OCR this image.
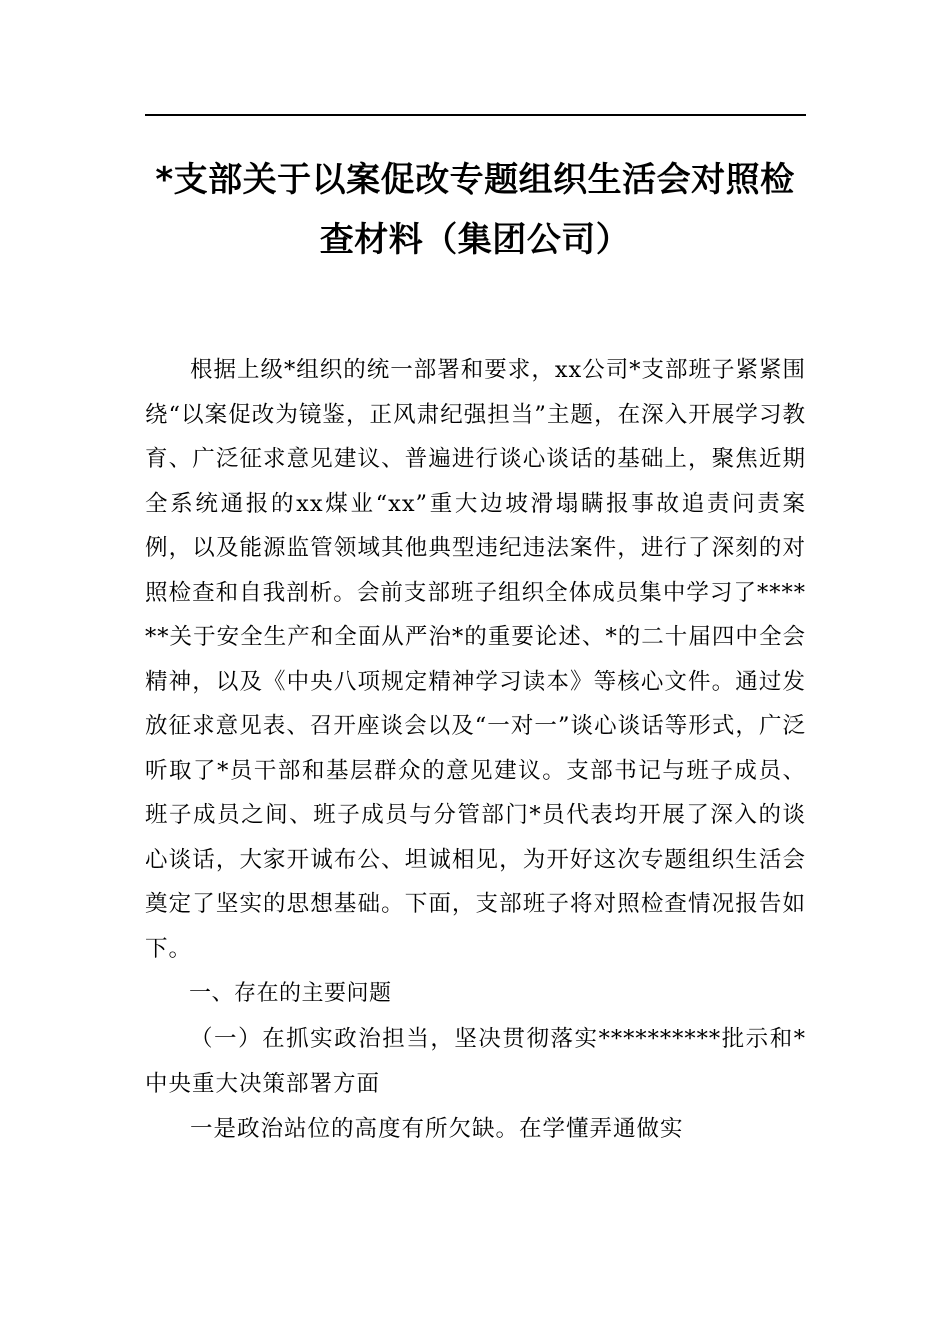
*支部关于以案促改专题组织生活会对照检
查材料（集团公司）

根据上级*组织的统一部署和要求，xx公司*支部班子紧紧围绕“以案促改为镜鉴，正风肃纪强担当”主题，在深入开展学习教育、广泛征求意见建议、普遍进行谈心谈话的基础上，聚焦近期全系统通报的xx煤业“xx”重大边坡滑塌瞒报事故追责问责案例，以及能源监管领域其他典型违纪违法案件，进行了深刻的对照检查和自我剖析。会前支部班子组织全体成员集中学习了******关于安全生产和全面从严治*的重要论述、*的二十届四中全会精神，以及《中央八项规定精神学习读本》等核心文件。通过发放征求意见表、召开座谈会以及“一对一”谈心谈话等形式，广泛听取了*员干部和基层群众的意见建议。支部书记与班子成员、班子成员之间、班子成员与分管部门*员代表均开展了深入的谈心谈话，大家开诚布公、坦诚相见，为开好这次专题组织生活会奠定了坚实的思想基础。下面，支部班子将对照检查情况报告如下。

一、存在的主要问题

（一）在抓实政治担当，坚决贯彻落实**********批示和*中央重大决策部署方面

一是政治站位的高度有所欠缺。在学懂弄通做实
